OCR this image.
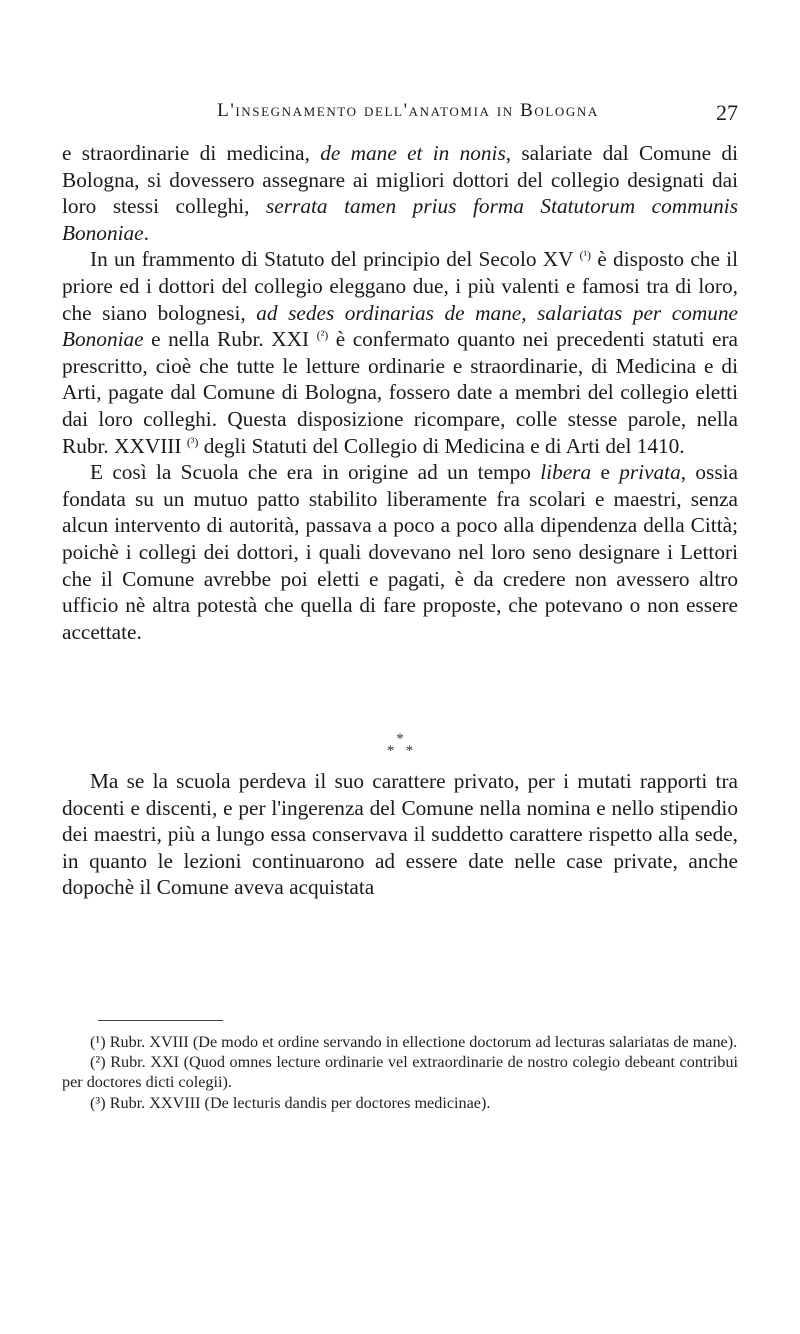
L'insegnamento dell'anatomia in Bologna	27

e straordinarie di medicina, de mane et in nonis, salariate dal Comune di Bologna, si dovessero assegnare ai migliori dottori del collegio designati dai loro stessi colleghi, serrata tamen prius forma Statutorum communis Bononiae.

In un frammento di Statuto del principio del Secolo XV $^{(^1)}$ è disposto che il priore ed i dottori del collegio eleggano due, i più valenti e famosi tra di loro, che siano bolognesi, ad sedes ordinarias de mane, salariatas per comune Bononiae e nella Rubr. XXI $^{(^2)}$ è confermato quanto nei precedenti statuti era prescritto, cioè che tutte le letture ordinarie e straordinarie, di Medicina e di Arti, pagate dal Comune di Bologna, fossero date a membri del collegio eletti dai loro colleghi. Questa disposizione ricompare, colle stesse parole, nella Rubr. XXVIII $^{(^3)}$ degli Statuti del Collegio di Medicina e di Arti del 1410.

E così la Scuola che era in origine ad un tempo libera e privata, ossia fondata su un mutuo patto stabilito liberamente fra scolari e maestri, senza alcun intervento di autorità, passava a poco a poco alla dipendenza della Città; poichè i collegi dei dottori, i quali dovevano nel loro seno designare i Lettori che il Comune avrebbe poi eletti e pagati, è da credere non avessero altro ufficio nè altra potestà che quella di fare proposte, che potevano o non essere accettate.

*
*   *

Ma se la scuola perdeva il suo carattere privato, per i mutati rapporti tra docenti e discenti, e per l'ingerenza del Comune nella nomina e nello stipendio dei maestri, più a lungo essa conservava il suddetto carattere rispetto alla sede, in quanto le lezioni continuarono ad essere date nelle case private, anche dopochè il Comune aveva acquistata

(¹) Rubr. XVIII (De modo et ordine servando in ellectione doctorum ad lecturas salariatas de mane).

(²) Rubr. XXI (Quod omnes lecture ordinarie vel extraordinarie de nostro colegio debeant contribui per doctores dicti colegii).

(³) Rubr. XXVIII (De lecturis dandis per doctores medicinae).
